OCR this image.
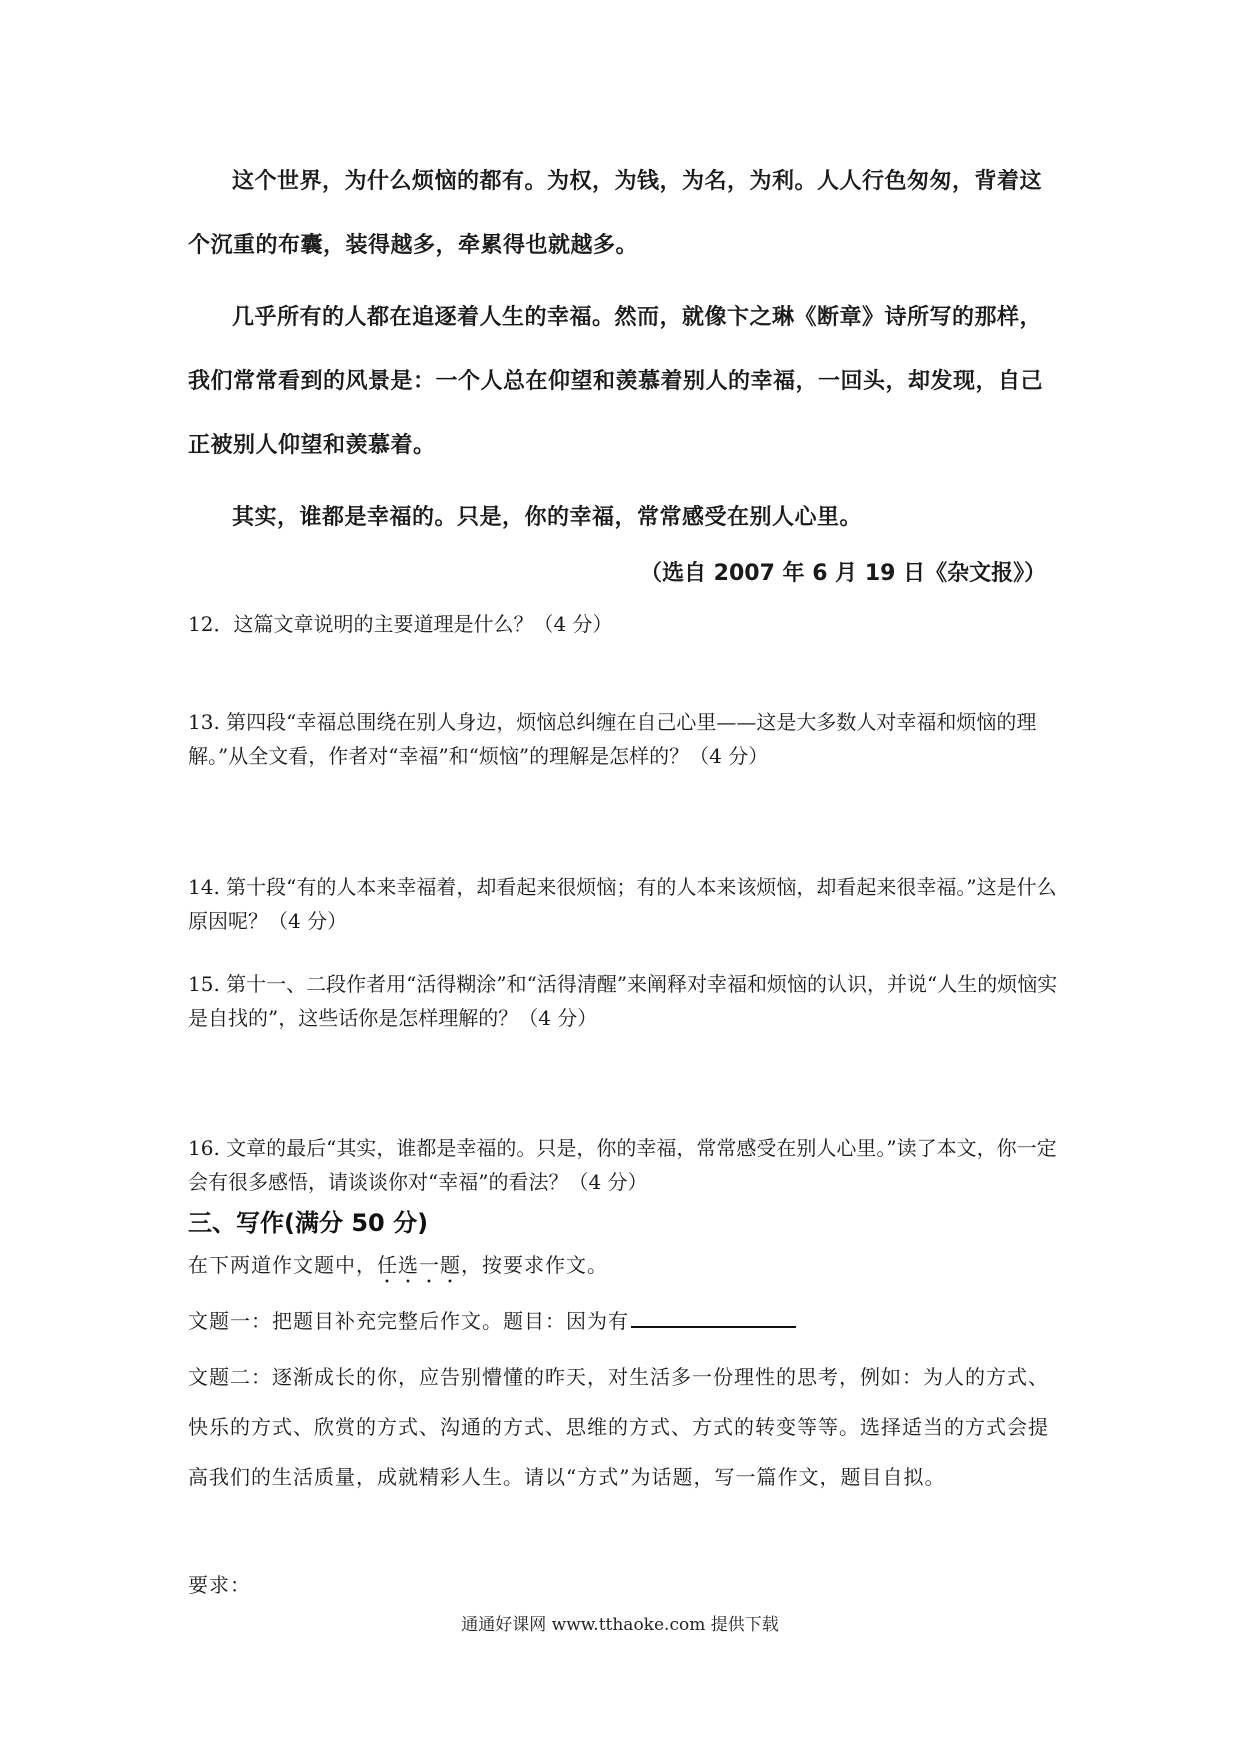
这个世界，为什么烦恼的都有。为权，为钱，为名，为利。人人行色匆匆，背着这个沉重的布囊，装得越多，牵累得也就越多。

几乎所有的人都在追逐着人生的幸福。然而，就像卞之琳《断章》诗所写的那样，我们常常看到的风景是：一个人总在仰望和羡慕着别人的幸福，一回头，却发现，自己正被别人仰望和羡慕着。

其实，谁都是幸福的。只是，你的幸福，常常感受在别人心里。

（选自 2007 年 6 月 19 日《杂文报》）

12．这篇文章说明的主要道理是什么？（4 分）

13. 第四段“幸福总围绕在别人身边，烦恼总纠缠在自己心里——这是大多数人对幸福和烦恼的理解。”从全文看，作者对“幸福”和“烦恼”的理解是怎样的？（4 分）

14. 第十段“有的人本来幸福着，却看起来很烦恼；有的人本来该烦恼，却看起来很幸福。”这是什么原因呢？（4 分）

15. 第十一、二段作者用“活得糊涂”和“活得清醒”来阐释对幸福和烦恼的认识，并说“人生的烦恼实是自找的”，这些话你是怎样理解的？（4 分）

16. 文章的最后“其实，谁都是幸福的。只是，你的幸福，常常感受在别人心里。”读了本文，你一定会有很多感悟，请谈谈你对“幸福”的看法？（4 分）

三、写作(满分 50 分)

在下两道作文题中，任选一题，按要求作文。

文题一：把题目补充完整后作文。题目：因为有

文题二：逐渐成长的你，应告别懵懂的昨天，对生活多一份理性的思考，例如：为人的方式、快乐的方式、欣赏的方式、沟通的方式、思维的方式、方式的转变等等。选择适当的方式会提高我们的生活质量，成就精彩人生。请以“方式”为话题，写一篇作文，题目自拟。

要求：

通通好课网 www.tthaoke.com 提供下载
